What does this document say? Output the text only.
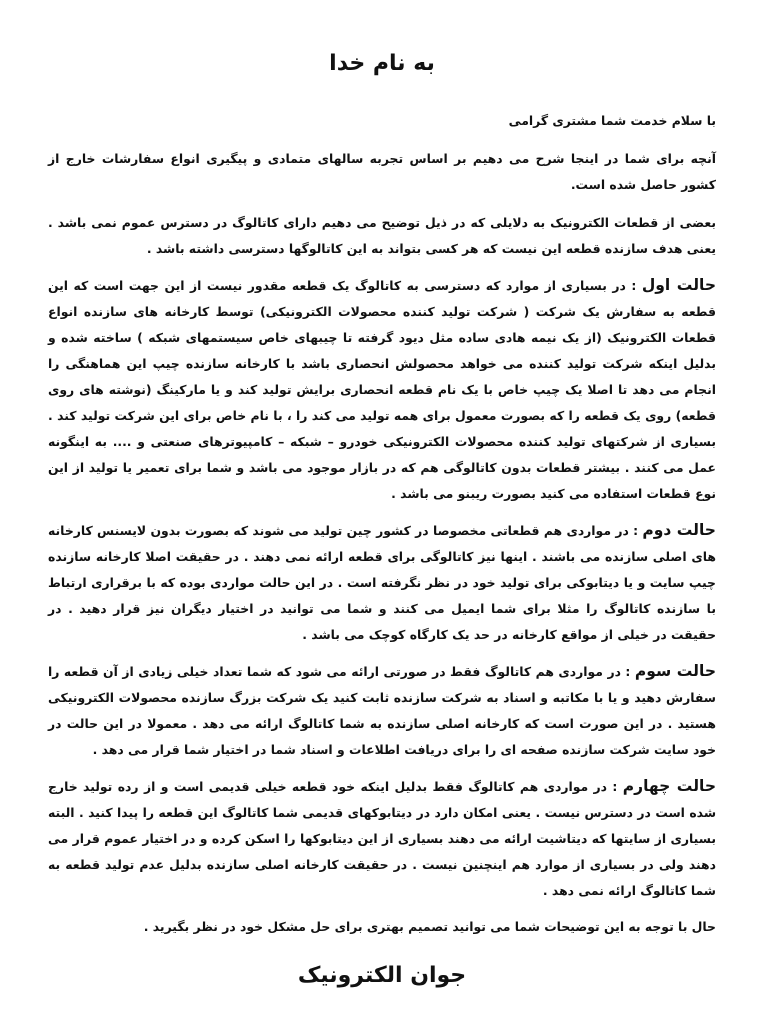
به نام خدا

با سلام خدمت شما مشتری گرامی

آنچه برای شما در اینجا شرح می دهیم بر اساس تجربه سالهای متمادی و پیگیری انواع سفارشات خارج از کشور حاصل شده است.

بعضی از قطعات الکترونیک به دلایلی که در ذیل توضیح می دهیم دارای کاتالوگ در دسترس عموم نمی باشد . یعنی هدف سازنده قطعه این نیست که هر کسی بتواند به این کاتالوگها دسترسی داشته باشد .

حالت اول : در بسیاری از موارد که دسترسی به کاتالوگ یک قطعه مقدور نیست از این جهت است که این قطعه به سفارش یک شرکت ( شرکت تولید کننده محصولات الکترونیکی) توسط کارخانه های سازنده انواع قطعات الکترونیک (از یک نیمه هادی ساده مثل دیود گرفته تا چیبهای خاص سیستمهای شبکه ) ساخته شده و بدلیل اینکه شرکت تولید کننده می خواهد محصولش انحصاری باشد با کارخانه سازنده چیپ این هماهنگی را انجام می دهد تا اصلا یک چیپ خاص با یک نام قطعه انحصاری برایش تولید کند و یا مارکینگ (نوشته های روی قطعه) روی یک قطعه را که بصورت معمول برای همه تولید می کند را ، با نام خاص برای این شرکت تولید کند . بسیاری از شرکتهای تولید کننده محصولات الکترونیکی خودرو – شبکه – کامپیوترهای صنعتی و .... به اینگونه عمل می کنند . بیشتر قطعات بدون کاتالوگی هم که در بازار موجود می باشد و شما برای تعمیر یا تولید از این نوع قطعات استفاده می کنید بصورت ریبنو می باشد .

حالت دوم : در مواردی هم قطعاتی مخصوصا در کشور چین تولید می شوند که بصورت بدون لایسنس کارخانه های اصلی سازنده می باشند . اینها نیز کاتالوگی برای قطعه ارائه نمی دهند . در حقیقت اصلا کارخانه سازنده چیپ سایت و یا دیتابوکی برای تولید خود در نظر نگرفته است . در این حالت مواردی بوده که با برقراری ارتباط با سازنده کاتالوگ را مثلا برای شما ایمیل می کنند و شما می توانید در اختیار دیگران نیز قرار دهید . در حقیقت در خیلی از مواقع کارخانه در حد یک کارگاه کوچک می باشد .

حالت سوم : در مواردی هم کاتالوگ فقط در صورتی ارائه می شود که شما تعداد خیلی زیادی از آن قطعه را سفارش دهید و یا با مکاتبه و اسناد به شرکت سازنده ثابت کنید یک شرکت بزرگ سازنده محصولات الکترونیکی هستید . در این صورت است که کارخانه اصلی سازنده به شما کاتالوگ ارائه می دهد . معمولا در این حالت در خود سایت شرکت سازنده صفحه ای را برای دریافت اطلاعات و اسناد شما در اختیار شما قرار می دهد .

حالت چهارم : در مواردی هم کاتالوگ فقط بدلیل اینکه خود قطعه خیلی قدیمی است و از رده تولید خارج شده است در دسترس نیست . یعنی امکان دارد در دیتابوکهای قدیمی شما کاتالوگ این قطعه را پیدا کنید . البته بسیاری از سایتها که دیتاشیت ارائه می دهند بسیاری از این دیتابوکها را اسکن کرده و در اختیار عموم قرار می دهند ولی در بسیاری از موارد هم اینچنین نیست . در حقیقت کارخانه اصلی سازنده بدلیل عدم تولید قطعه به شما کاتالوگ ارائه نمی دهد .

حال با توجه به این توضیحات شما می توانید تصمیم بهتری برای حل مشکل خود در نظر بگیرید .

جوان الکترونیک
